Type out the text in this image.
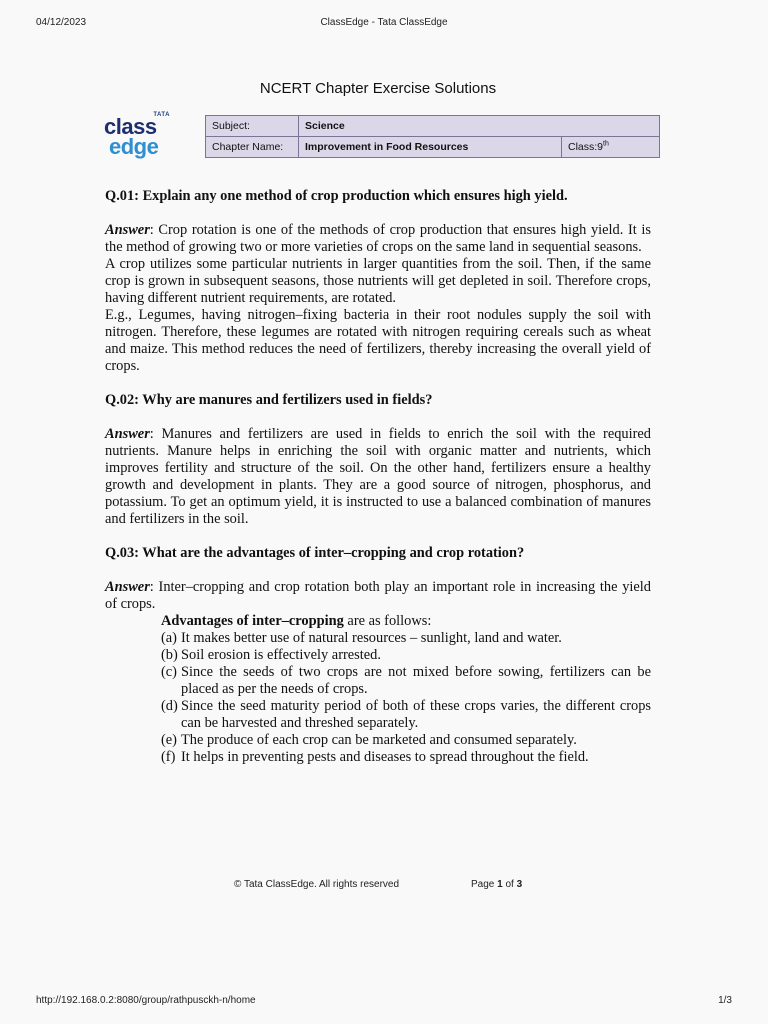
04/12/2023	ClassEdge - Tata ClassEdge
NCERT Chapter Exercise Solutions
TATA
class
edge
Subject:	Science	
Chapter Name:	Improvement in Food Resources	Class:9th

Q.01: Explain any one method of crop production which ensures high yield.

Answer: Crop rotation is one of the methods of crop production that ensures high yield. It is the method of growing two or more varieties of crops on the same land in sequential seasons.

A crop utilizes some particular nutrients in larger quantities from the soil. Then, if the same crop is grown in subsequent seasons, those nutrients will get depleted in soil. Therefore crops, having different nutrient requirements, are rotated.

E.g., Legumes, having nitrogen–fixing bacteria in their root nodules supply the soil with nitrogen. Therefore, these legumes are rotated with nitrogen requiring cereals such as wheat and maize. This method reduces the need of fertilizers, thereby increasing the overall yield of crops.

Q.02: Why are manures and fertilizers used in fields?

Answer: Manures and fertilizers are used in fields to enrich the soil with the required nutrients. Manure helps in enriching the soil with organic matter and nutrients, which improves fertility and structure of the soil. On the other hand, fertilizers ensure a healthy growth and development in plants. They are a good source of nitrogen, phosphorus, and potassium. To get an optimum yield, it is instructed to use a balanced combination of manures and fertilizers in the soil.

Q.03: What are the advantages of inter–cropping and crop rotation?

Answer: Inter–cropping and crop rotation both play an important role in increasing the yield of crops.

Advantages of inter–cropping are as follows:

(a) It makes better use of natural resources – sunlight, land and water.
(b) Soil erosion is effectively arrested.
(c) Since the seeds of two crops are not mixed before sowing, fertilizers can be placed as per the needs of crops.
(d) Since the seed maturity period of both of these crops varies, the different crops can be harvested and threshed separately.
(e) The produce of each crop can be marketed and consumed separately.
(f) It helps in preventing pests and diseases to spread throughout the field.
© Tata ClassEdge. All rights reserved	Page 1 of 3
http://192.168.0.2:8080/group/rathpusckh-n/home	1/3
